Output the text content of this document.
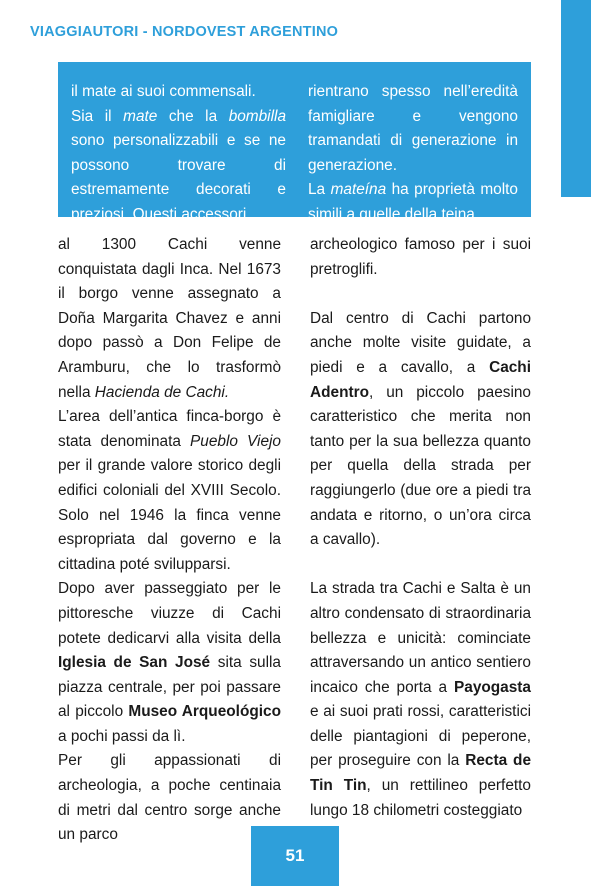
VIAGGIAUTORI - NORDOVEST ARGENTINO

il mate ai suoi commensali.

Sia il mate che la bombilla sono personalizzabili e se ne possono trovare di estremamente decorati e preziosi. Questi accessori

rientrano spesso nell’eredità famigliare e vengono tramandati di generazione in generazione.

La mateína ha proprietà molto simili a quelle della teina.

al 1300 Cachi venne conquistata dagli Inca. Nel 1673 il borgo venne assegnato a Doña Margarita Chavez e anni dopo passò a Don Felipe de Aramburu, che lo trasformò nella Hacienda de Cachi.

L’area dell’antica finca-borgo è stata denominata Pueblo Viejo per il grande valore storico degli edifici coloniali del XVIII Secolo. Solo nel 1946 la finca venne espropriata dal governo e la cittadina poté svilupparsi.

Dopo aver passeggiato per le pittoresche viuzze di Cachi potete dedicarvi alla visita della Iglesia de San José sita sulla piazza centrale, per poi passare al piccolo Museo Arqueológico a pochi passi da lì.

Per gli appassionati di archeologia, a poche centinaia di metri dal centro sorge anche un parco

archeologico famoso per i suoi pretroglifi.

Dal centro di Cachi partono anche molte visite guidate, a piedi e a cavallo, a Cachi Adentro, un piccolo paesino caratteristico che merita non tanto per la sua bellezza quanto per quella della strada per raggiungerlo (due ore a piedi tra andata e ritorno, o un’ora circa a cavallo).

La strada tra Cachi e Salta è un altro condensato di straordinaria bellezza e unicità: cominciate attraversando un antico sentiero incaico che porta a Payogasta e ai suoi prati rossi, caratteristici delle piantagioni di peperone, per proseguire con la Recta de Tin Tin, un rettilineo perfetto lungo 18 chilometri costeggiato

51
